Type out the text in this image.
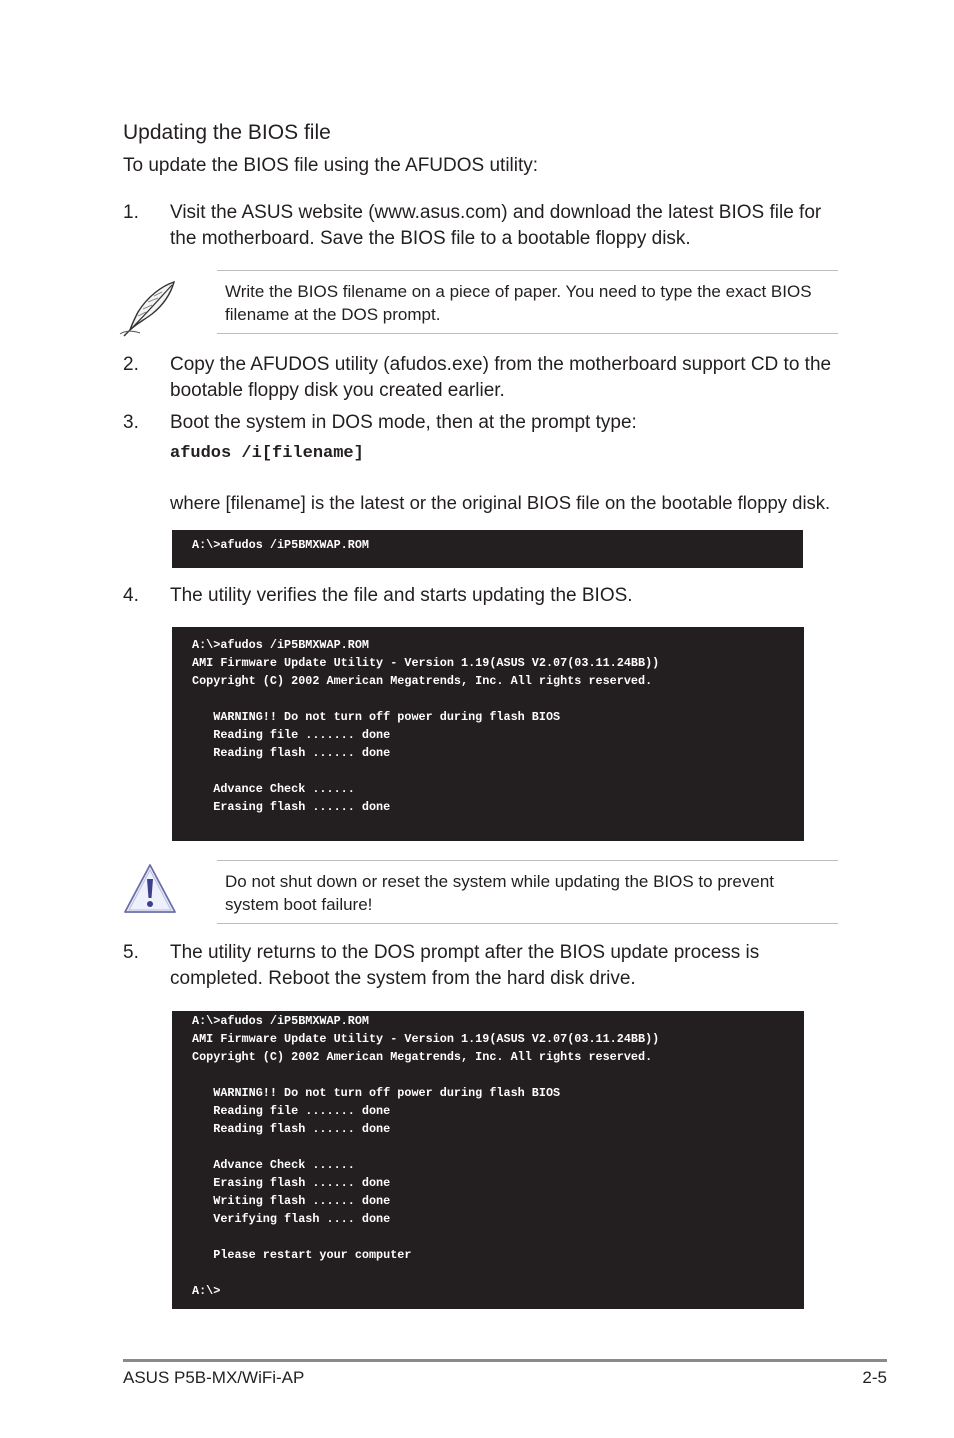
Updating the BIOS file
To update the BIOS file using the AFUDOS utility:
1. Visit the ASUS website (www.asus.com) and download the latest BIOS file for the motherboard. Save the BIOS file to a bootable floppy disk.
Write the BIOS filename on a piece of paper. You need to type the exact BIOS filename at the DOS prompt.
2. Copy the AFUDOS utility (afudos.exe) from the motherboard support CD to the bootable floppy disk you created earlier.
3. Boot the system in DOS mode, then at the prompt type:
afudos /i[filename]
where [filename] is the latest or the original BIOS file on the bootable floppy disk.
A:\>afudos /iP5BMXWAP.ROM
4. The utility verifies the file and starts updating the BIOS.
A:\>afudos /iP5BMXWAP.ROM
AMI Firmware Update Utility - Version 1.19(ASUS V2.07(03.11.24BB))
Copyright (C) 2002 American Megatrends, Inc. All rights reserved.

WARNING!! Do not turn off power during flash BIOS
Reading file ....... done
Reading flash ...... done

Advance Check ......
Erasing flash ...... done
Do not shut down or reset the system while updating the BIOS to prevent system boot failure!
5. The utility returns to the DOS prompt after the BIOS update process is completed. Reboot the system from the hard disk drive.
A:\>afudos /iP5BMXWAP.ROM
AMI Firmware Update Utility - Version 1.19(ASUS V2.07(03.11.24BB))
Copyright (C) 2002 American Megatrends, Inc. All rights reserved.

WARNING!! Do not turn off power during flash BIOS
Reading file ....... done
Reading flash ...... done

Advance Check ......
Erasing flash ...... done
Writing flash ...... done
Verifying flash .... done

Please restart your computer

A:\>
ASUS P5B-MX/WiFi-AP	2-5
